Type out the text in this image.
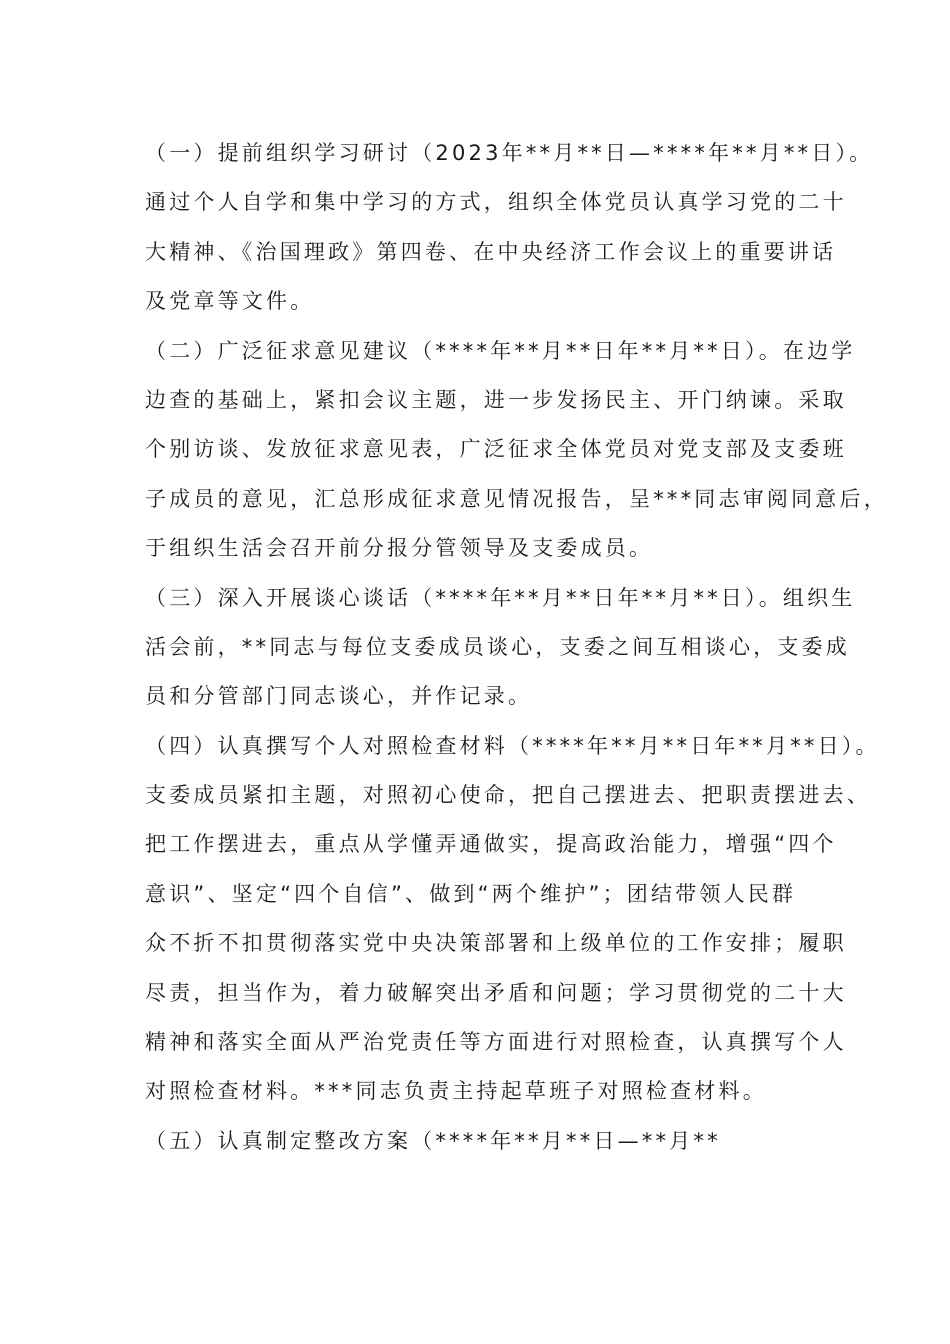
（一）提前组织学习研讨（2023年**月**日—****年**月**日）。
通过个人自学和集中学习的方式，组织全体党员认真学习党的二十
大精神、《治国理政》第四卷、在中央经济工作会议上的重要讲话
及党章等文件。
（二）广泛征求意见建议（****年**月**日年**月**日）。在边学
边查的基础上，紧扣会议主题，进一步发扬民主、开门纳谏。采取
个别访谈、发放征求意见表，广泛征求全体党员对党支部及支委班
子成员的意见，汇总形成征求意见情况报告，呈***同志审阅同意后，
于组织生活会召开前分报分管领导及支委成员。
（三）深入开展谈心谈话（****年**月**日年**月**日）。组织生
活会前，**同志与每位支委成员谈心，支委之间互相谈心，支委成
员和分管部门同志谈心，并作记录。
（四）认真撰写个人对照检查材料（****年**月**日年**月**日）。
支委成员紧扣主题，对照初心使命，把自己摆进去、把职责摆进去、
把工作摆进去，重点从学懂弄通做实，提高政治能力，增强“四个
意识”、坚定“四个自信”、做到“两个维护”；团结带领人民群
众不折不扣贯彻落实党中央决策部署和上级单位的工作安排；履职
尽责，担当作为，着力破解突出矛盾和问题；学习贯彻党的二十大
精神和落实全面从严治党责任等方面进行对照检查，认真撰写个人
对照检查材料。***同志负责主持起草班子对照检查材料。
（五）认真制定整改方案（****年**月**日—**月**
